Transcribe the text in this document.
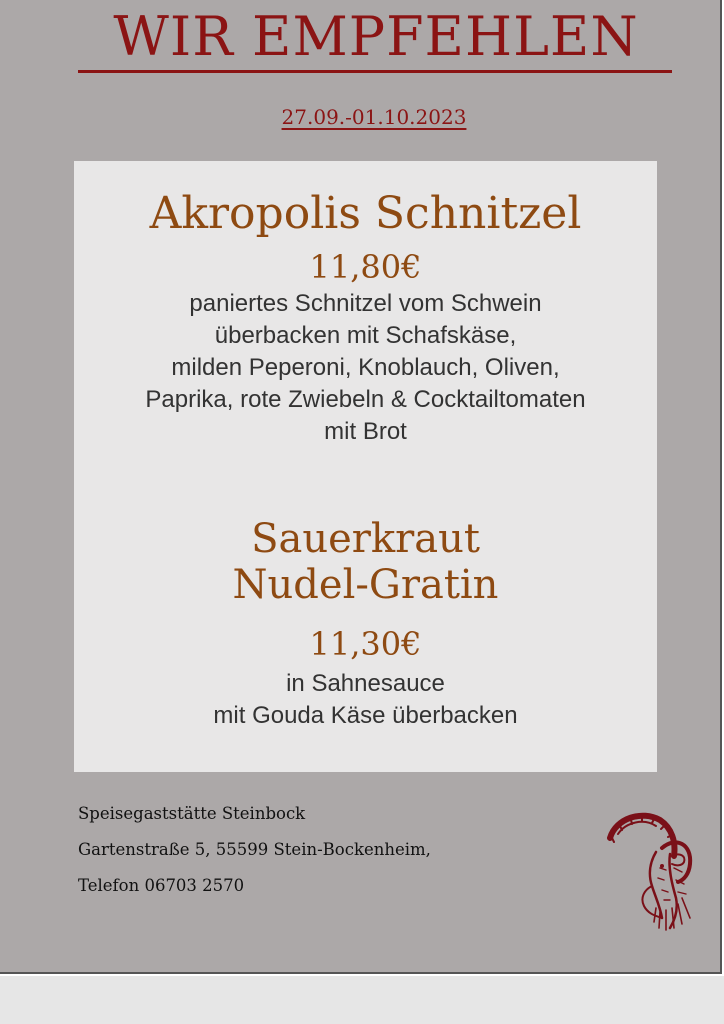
WIR EMPFEHLEN
27.09.-01.10.2023
Akropolis Schnitzel
11,80€
paniertes Schnitzel vom Schwein
überbacken mit Schafskäse,
milden Peperoni, Knoblauch, Oliven,
Paprika, rote Zwiebeln & Cocktailtomaten
mit Brot
Sauerkraut
Nudel-Gratin
11,30€
in Sahnesauce
mit Gouda Käse überbacken
Speisegaststätte Steinbock
Gartenstraße 5, 55599 Stein-Bockenheim,
Telefon 06703 2570
